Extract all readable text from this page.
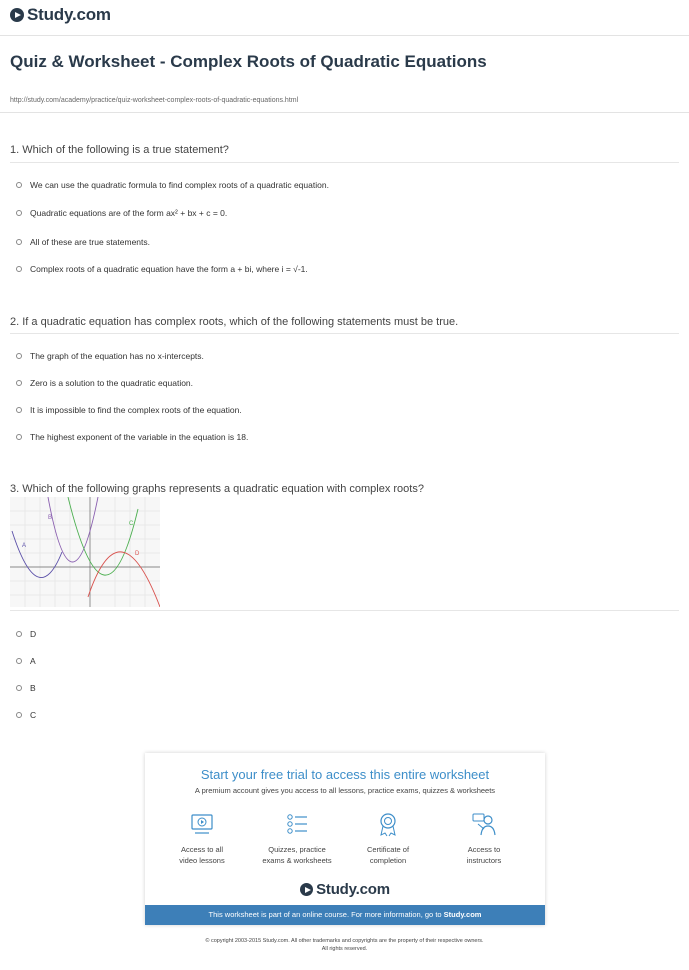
Study.com
Quiz & Worksheet - Complex Roots of Quadratic Equations
http://study.com/academy/practice/quiz-worksheet-complex-roots-of-quadratic-equations.html
1. Which of the following is a true statement?
We can use the quadratic formula to find complex roots of a quadratic equation.
Quadratic equations are of the form ax² + bx + c = 0.
All of these are true statements.
Complex roots of a quadratic equation have the form a + bi, where i = √-1.
2. If a quadratic equation has complex roots, which of the following statements must be true.
The graph of the equation has no x-intercepts.
Zero is a solution to the quadratic equation.
It is impossible to find the complex roots of the equation.
The highest exponent of the variable in the equation is 18.
3. Which of the following graphs represents a quadratic equation with complex roots?
A
B
C
D
D
A
B
C
Start your free trial to access this entire worksheet
A premium account gives you access to all lessons, practice exams, quizzes & worksheets
Access to all
video lessons
Quizzes, practice
exams & worksheets
Certificate of
completion
Access to
instructors
Study.com
This worksheet is part of an online course. For more information, go to Study.com
© copyright 2003-2015 Study.com. All other trademarks and copyrights are the property of their respective owners.
All rights reserved.
